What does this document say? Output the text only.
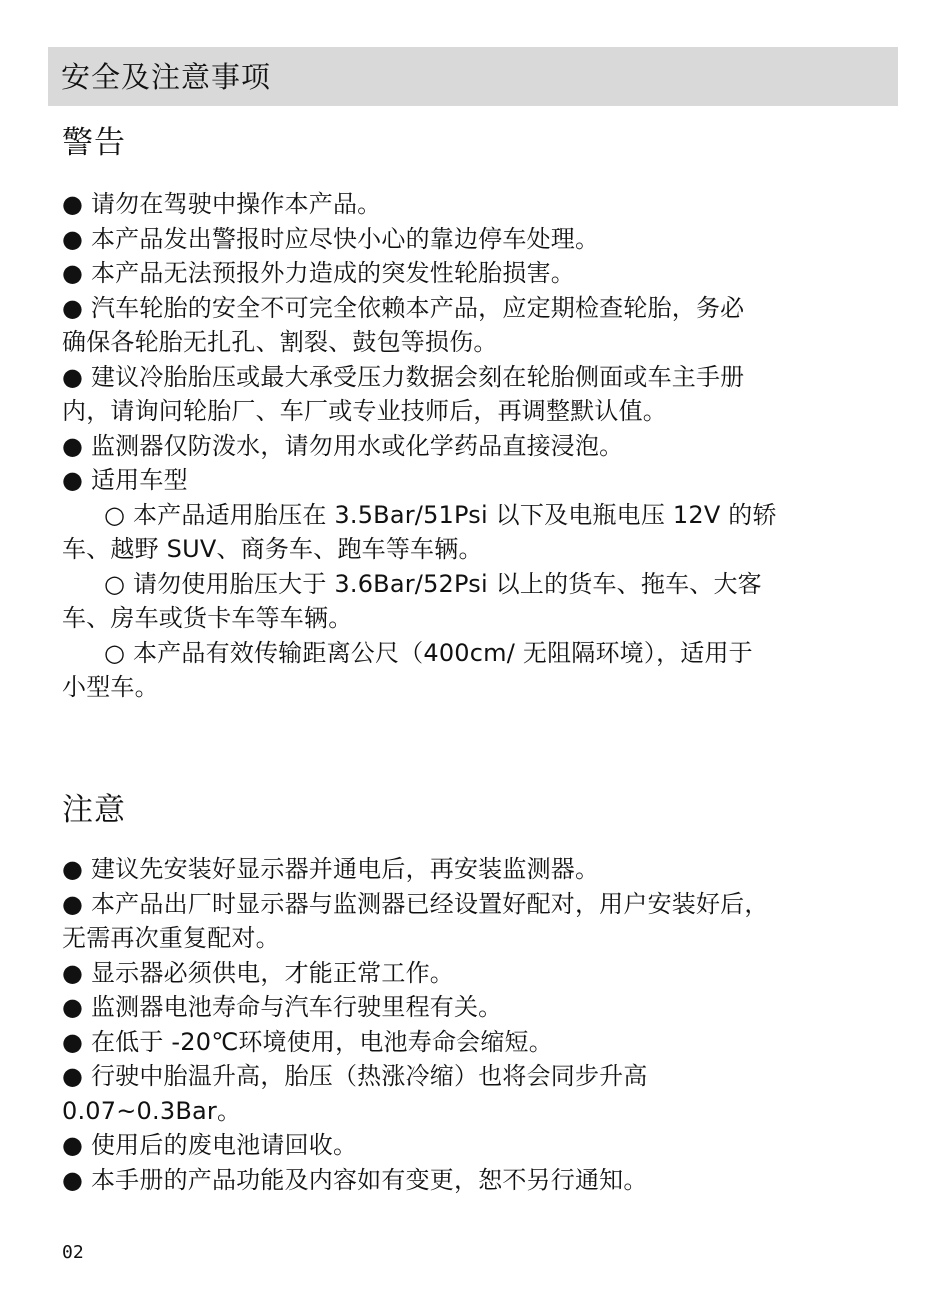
安全及注意事项
警告
● 请勿在驾驶中操作本产品。
● 本产品发出警报时应尽快小心的靠边停车处理。
● 本产品无法预报外力造成的突发性轮胎损害。
● 汽车轮胎的安全不可完全依赖本产品，应定期检查轮胎，务必
确保各轮胎无扎孔、割裂、鼓包等损伤。
● 建议冷胎胎压或最大承受压力数据会刻在轮胎侧面或车主手册
内，请询问轮胎厂、车厂或专业技师后，再调整默认值。
● 监测器仅防泼水，请勿用水或化学药品直接浸泡。
● 适用车型
○ 本产品适用胎压在 3.5Bar/51Psi 以下及电瓶电压 12V 的轿
车、越野 SUV、商务车、跑车等车辆。
○ 请勿使用胎压大于 3.6Bar/52Psi 以上的货车、拖车、大客
车、房车或货卡车等车辆。
○ 本产品有效传输距离公尺（400cm/ 无阻隔环境），适用于
小型车。
注意
● 建议先安装好显示器并通电后，再安装监测器。
● 本产品出厂时显示器与监测器已经设置好配对，用户安装好后，
无需再次重复配对。
● 显示器必须供电，才能正常工作。
● 监测器电池寿命与汽车行驶里程有关。
● 在低于 -20℃环境使用，电池寿命会缩短。
● 行驶中胎温升高，胎压（热涨冷缩）也将会同步升高
0.07~0.3Bar。
● 使用后的废电池请回收。
● 本手册的产品功能及内容如有变更，恕不另行通知。
02
